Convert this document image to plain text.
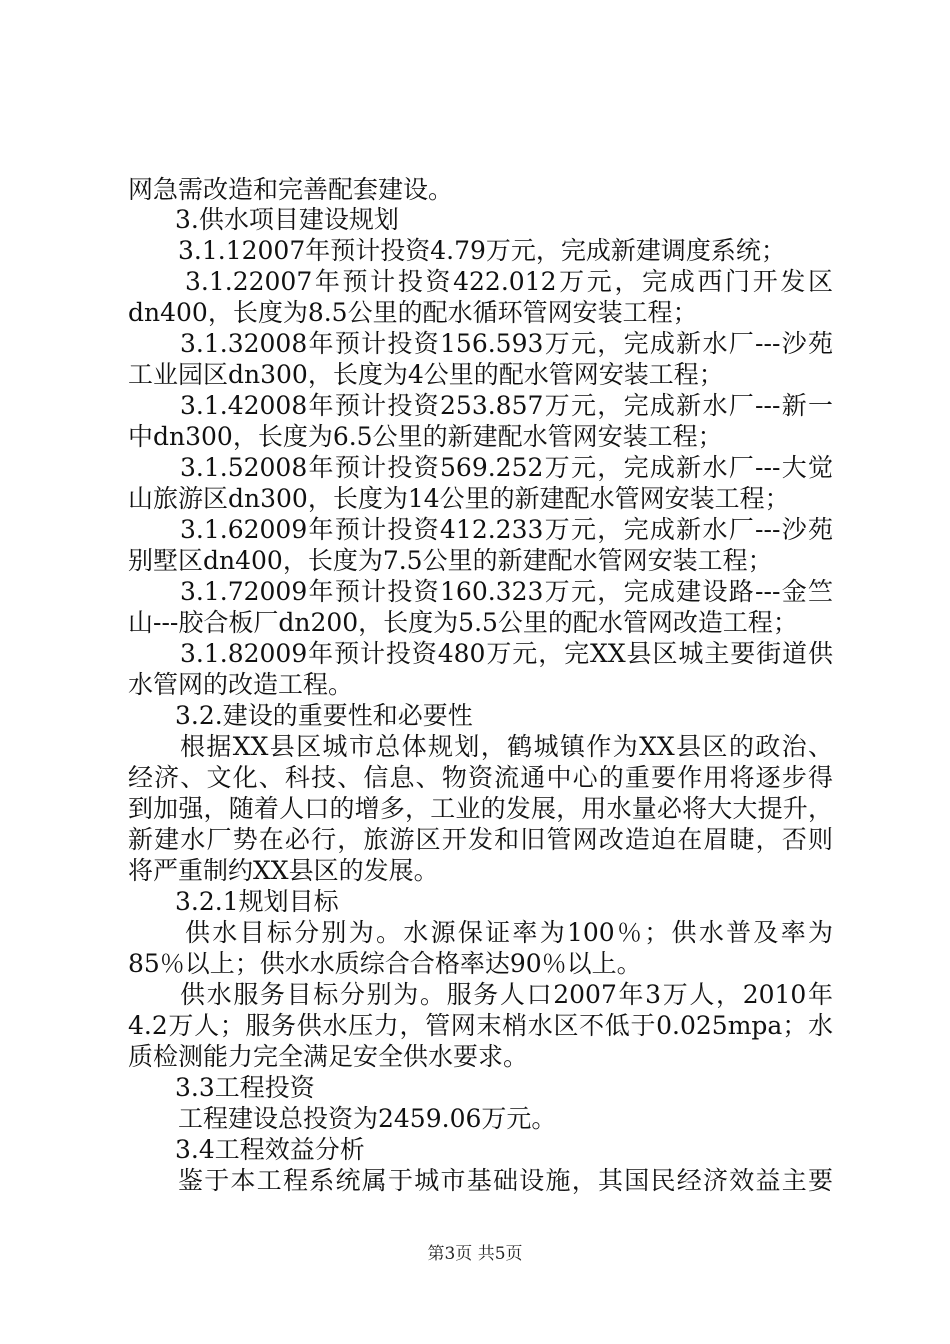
网急需改造和完善配套建设。
3.供水项目建设规划
3.1.12007年预计投资4.79万元，完成新建调度系统；
3.1.22007年预计投资422.012万元，完成西门开发区
dn400，长度为8.5公里的配水循环管网安装工程；
3.1.32008年预计投资156.593万元，完成新水厂---沙苑
工业园区dn300，长度为4公里的配水管网安装工程；
3.1.42008年预计投资253.857万元，完成新水厂---新一
中dn300，长度为6.5公里的新建配水管网安装工程；
3.1.52008年预计投资569.252万元，完成新水厂---大觉
山旅游区dn300，长度为14公里的新建配水管网安装工程；
3.1.62009年预计投资412.233万元，完成新水厂---沙苑
别墅区dn400，长度为7.5公里的新建配水管网安装工程；
3.1.72009年预计投资160.323万元，完成建设路---金竺
山---胶合板厂dn200，长度为5.5公里的配水管网改造工程；
3.1.82009年预计投资480万元，完XX县区城主要街道供
水管网的改造工程。
3.2.建设的重要性和必要性
根据XX县区城市总体规划，鹤城镇作为XX县区的政治、
经济、文化、科技、信息、物资流通中心的重要作用将逐步得
到加强，随着人口的增多，工业的发展，用水量必将大大提升，
新建水厂势在必行，旅游区开发和旧管网改造迫在眉睫，否则
将严重制约XX县区的发展。
3.2.1规划目标
供水目标分别为。水源保证率为100％；供水普及率为
85％以上；供水水质综合合格率达90％以上。
供水服务目标分别为。服务人口2007年3万人，2010年
4.2万人；服务供水压力，管网末梢水区不低于0.025mpa；水
质检测能力完全满足安全供水要求。
3.3工程投资
工程建设总投资为2459.06万元。
3.4工程效益分析
鉴于本工程系统属于城市基础设施，其国民经济效益主要
第3页 共5页
